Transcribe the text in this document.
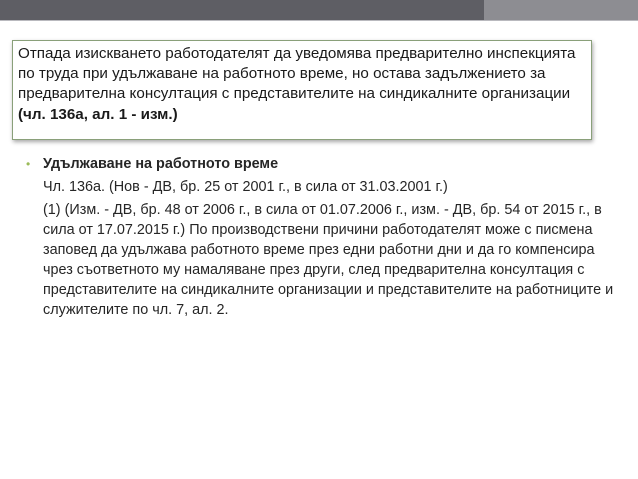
Отпада изискването работодателят да уведомява предварително инспекцията по труда при удължаване на работното време, но остава задължението за предварителна консултация с представителите на синдикалните организации (чл. 136а, ал. 1 - изм.)
• Удължаване на работното време
Чл. 136а. (Нов - ДВ, бр. 25 от 2001 г., в сила от 31.03.2001 г.)
(1) (Изм. - ДВ, бр. 48 от 2006 г., в сила от 01.07.2006 г., изм. - ДВ, бр. 54 от 2015 г., в сила от 17.07.2015 г.) По производствени причини работодателят може с писмена заповед да удължава работното време през едни работни дни и да го компенсира чрез съответното му намаляване през други, след предварителна консултация с представителите на синдикалните организации и представителите на работниците и служителите по чл. 7, ал. 2.
